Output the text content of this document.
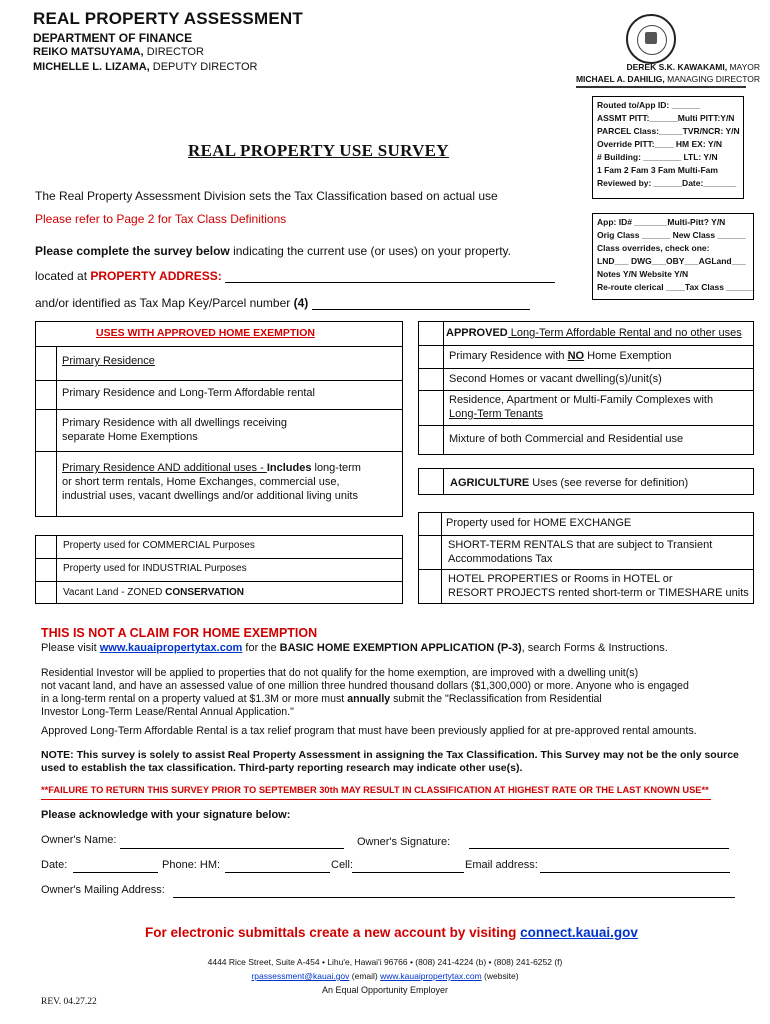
REAL PROPERTY ASSESSMENT
DEPARTMENT OF FINANCE
REIKO MATSUYAMA, DIRECTOR
MICHELLE L. LIZAMA, DEPUTY DIRECTOR	DEREK S.K. KAWAKAMI, MAYOR
MICHAEL A. DAHILIG, MANAGING DIRECTOR
Routed to/App ID: ______
ASSMT PITT:______Multi PITT:Y/N
PARCEL Class:_____TVR/NCR: Y/N
Override PITT:____ HM EX: Y/N
# Building: ________ LTL: Y/N
1 Fam 2 Fam 3 Fam Multi-Fam
Reviewed by: ______Date:_______
REAL PROPERTY USE SURVEY
The Real Property Assessment Division sets the Tax Classification based on actual use
Please refer to Page 2 for Tax Class Definitions
Please complete the survey below indicating the current use (or uses) on your property.
located at PROPERTY ADDRESS:
and/or identified as Tax Map Key/Parcel number (4)
App: ID# _______Multi-Pitt? Y/N
Orig Class ______ New Class ______
Class overrides, check one:
LND___ DWG___OBY___AGLand___
Notes Y/N Website Y/N
Re-route clerical ____Tax Class ______
USES WITH APPROVED HOME EXEMPTION
Primary Residence
Primary Residence and Long-Term Affordable rental
Primary Residence with all dwellings receiving
separate Home Exemptions
Primary Residence AND additional uses - Includes long-term
or short term rentals, Home Exchanges, commercial use,
industrial uses, vacant dwellings and/or additional living units
Property used for COMMERCIAL Purposes
Property used for INDUSTRIAL Purposes
Vacant Land - ZONED CONSERVATION
APPROVED Long-Term Affordable Rental and no other uses
Primary Residence with NO Home Exemption
Second Homes or vacant dwelling(s)/unit(s)
Residence, Apartment or Multi-Family Complexes with
Long-Term Tenants
Mixture of both Commercial and Residential use
AGRICULTURE Uses (see reverse for definition)
Property used for HOME EXCHANGE
SHORT-TERM RENTALS that are subject to Transient
Accommodations Tax
HOTEL PROPERTIES or Rooms in HOTEL or
RESORT PROJECTS rented short-term or TIMESHARE units
THIS IS NOT A CLAIM FOR HOME EXEMPTION
Please visit www.kauaipropertytax.com for the BASIC HOME EXEMPTION APPLICATION (P-3), search Forms & Instructions.
Residential Investor will be applied to properties that do not qualify for the home exemption, are improved with a dwelling unit(s)
not vacant land, and have an assessed value of one million three hundred thousand dollars ($1,300,000) or more. Anyone who is engaged
in a long-term rental on a property valued at $1.3M or more must annually submit the "Reclassification from Residential
Investor Long-Term Lease/Rental Annual Application."
Approved Long-Term Affordable Rental is a tax relief program that must have been previously applied for at pre-approved rental amounts.
NOTE: This survey is solely to assist Real Property Assessment in assigning the Tax Classification. This Survey may not be the only source
used to establish the tax classification. Third-party reporting research may indicate other use(s).
**FAILURE TO RETURN THIS SURVEY PRIOR TO SEPTEMBER 30th MAY RESULT IN CLASSIFICATION AT HIGHEST RATE OR THE LAST KNOWN USE**
Please acknowledge with your signature below:
Owner's Name:	Owner's Signature:
Date:	Phone: HM:	Cell:	Email address:
Owner's Mailing Address:
For electronic submittals create a new account by visiting connect.kauai.gov
4444 Rice Street, Suite A-454 • Lihu'e, Hawai'i 96766 • (808) 241-4224 (b) • (808) 241-6252 (f)
rpassessment@kauai.gov (email) www.kauaipropertytax.com (website)
An Equal Opportunity Employer
REV. 04.27.22
